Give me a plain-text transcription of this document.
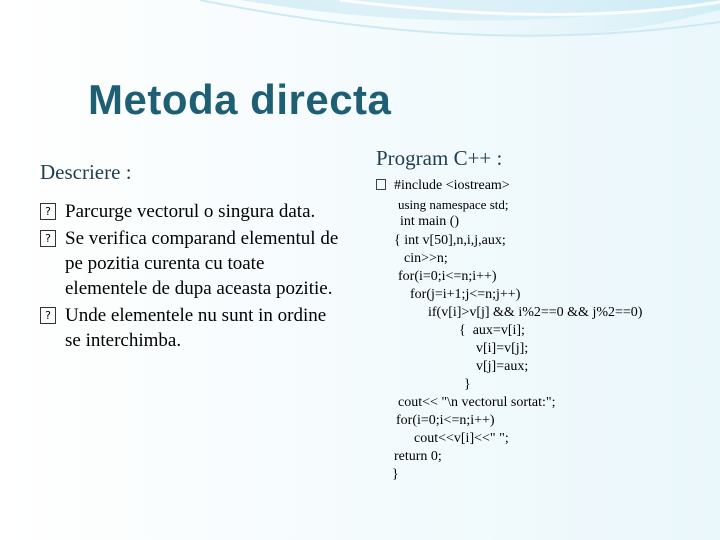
Metoda directa
Descriere :
? Parcurge vectorul o singura data.
? Se verifica comparand elementul de pe pozitia curenta cu toate elementele de dupa aceasta pozitie.
? Unde elementele nu sunt in ordine se interchimba.
Program C++ :
#include <iostream>
using namespace std;
int main ()
{ int v[50],n,i,j,aux;
cin>>n;
for(i=0;i<=n;i++)
for(j=i+1;j<=n;j++)
if(v[i]>v[j] && i%2==0 && j%2==0)
{  aux=v[i];
v[i]=v[j];
v[j]=aux;
}
cout<< "\n vectorul sortat:";
for(i=0;i<=n;i++)
cout<<v[i]<<" ";
return 0;
}
